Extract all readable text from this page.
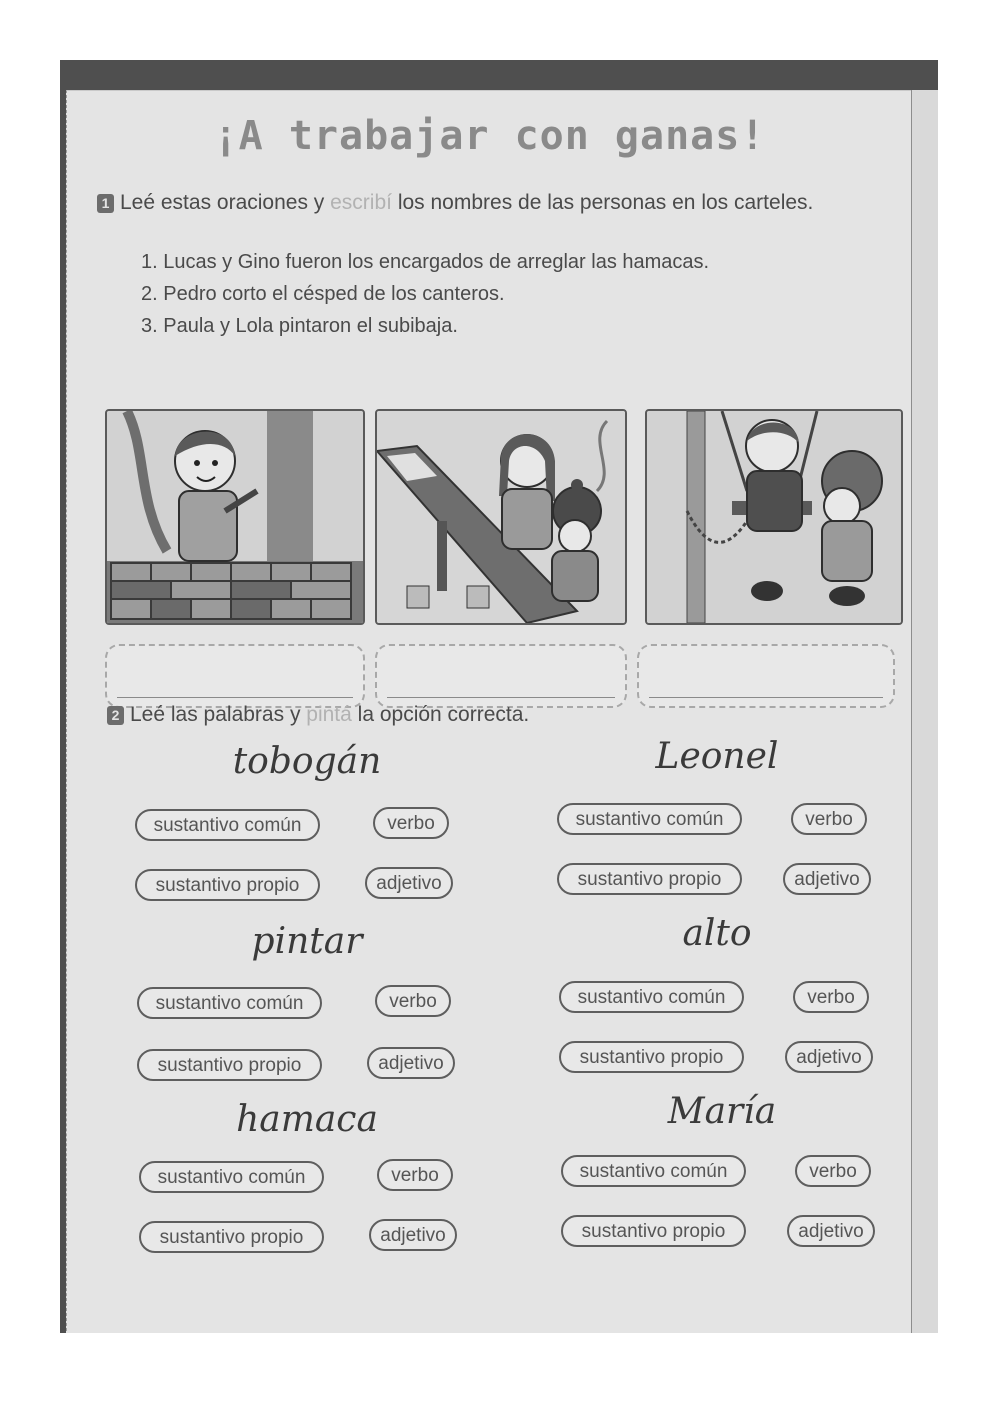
¡A trabajar con ganas!
1 Leé estas oraciones y escribí los nombres de las personas en los carteles.
1. Lucas y Gino fueron los encargados de arreglar las hamacas.
2. Pedro corto el césped de los canteros.
3. Paula y Lola pintaron el subibaja.
2 Leé las palabras y pintá la opción correcta.
tobogán
sustantivo común	verbo
sustantivo propio	adjetivo
Leonel
sustantivo común	verbo
sustantivo propio	adjetivo
pintar
sustantivo común	verbo
sustantivo propio	adjetivo
alto
sustantivo común	verbo
sustantivo propio	adjetivo
hamaca
sustantivo común	verbo
sustantivo propio	adjetivo
María
sustantivo común	verbo
sustantivo propio	adjetivo
